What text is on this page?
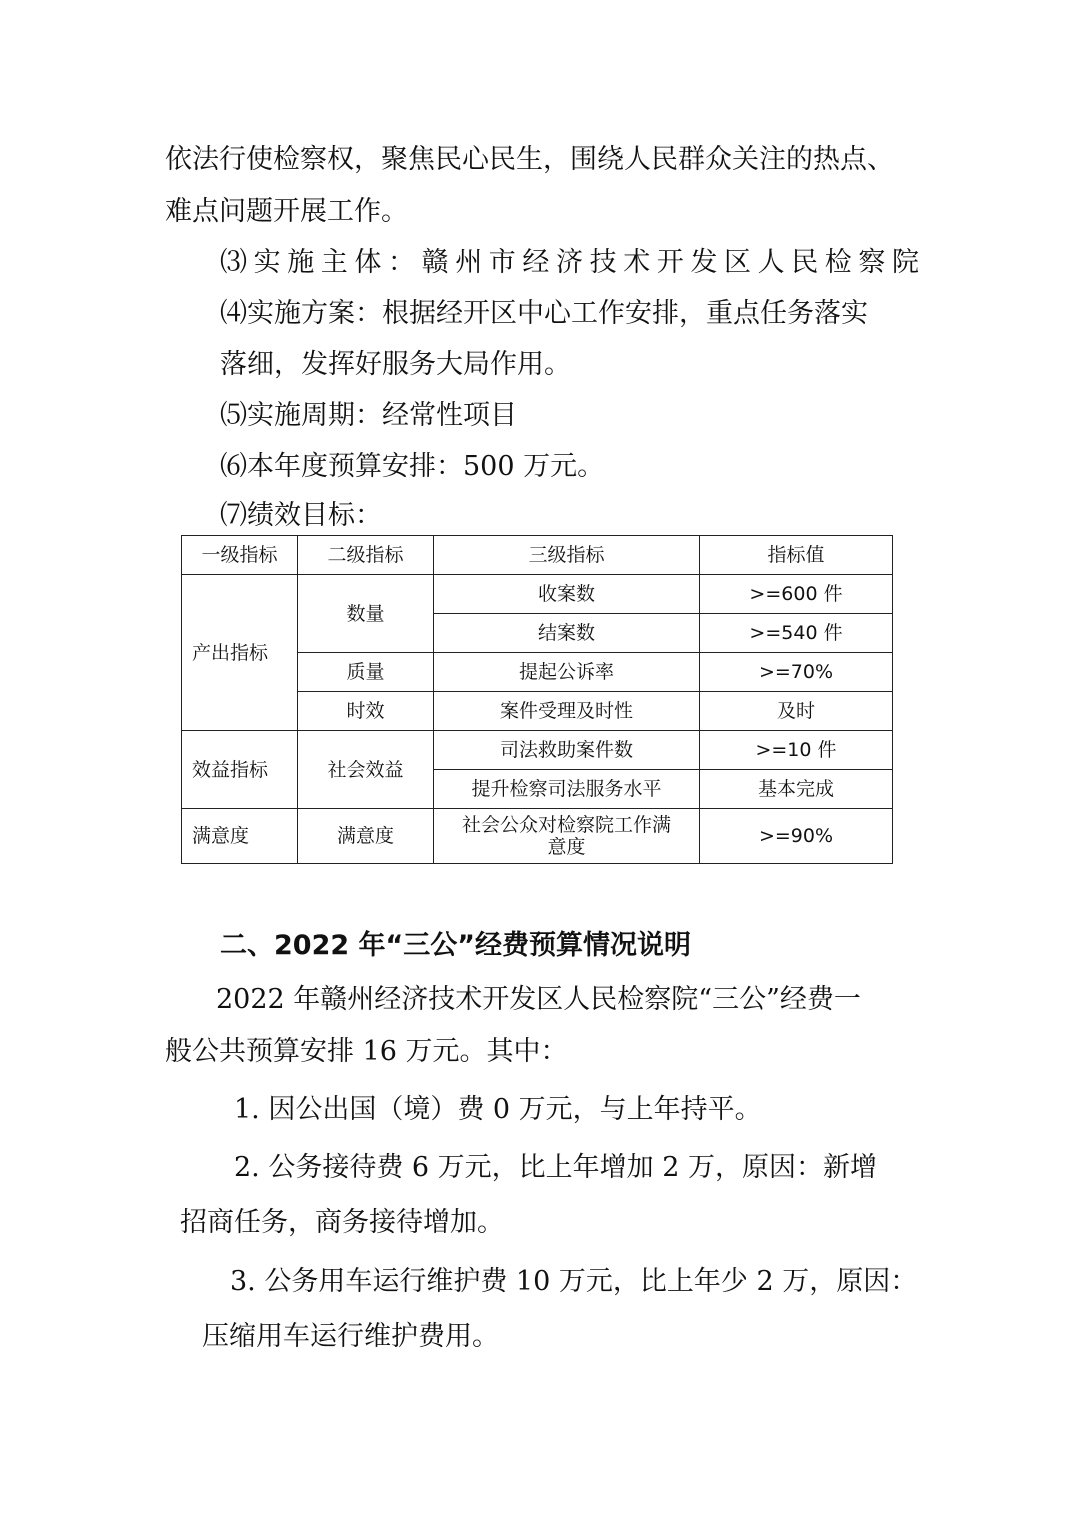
依法行使检察权，聚焦民心民生，围绕人民群众关注的热点、
难点问题开展工作。
⑶实施主体：赣州市经济技术开发区人民检察院
⑷实施方案：根据经开区中心工作安排，重点任务落实
落细，发挥好服务大局作用。
⑸实施周期：经常性项目
⑹本年度预算安排：500 万元。
⑺绩效目标：
一级指标	二级指标	三级指标	指标值
产出指标	数量	收案数	>=600 件
		结案数	>=540 件
	质量	提起公诉率	>=70%
	时效	案件受理及时性	及时
效益指标	社会效益	司法救助案件数	>=10 件
		提升检察司法服务水平	基本完成
满意度	满意度	社会公众对检察院工作满
意度	>=90%
二、2022 年“三公”经费预算情况说明
2022 年赣州经济技术开发区人民检察院“三公”经费一
般公共预算安排 16 万元。其中：
1. 因公出国（境）费 0 万元，与上年持平。
2. 公务接待费 6 万元，比上年增加 2 万，原因：新增
招商任务，商务接待增加。
3. 公务用车运行维护费 10 万元，比上年少 2 万，原因：
压缩用车运行维护费用。
